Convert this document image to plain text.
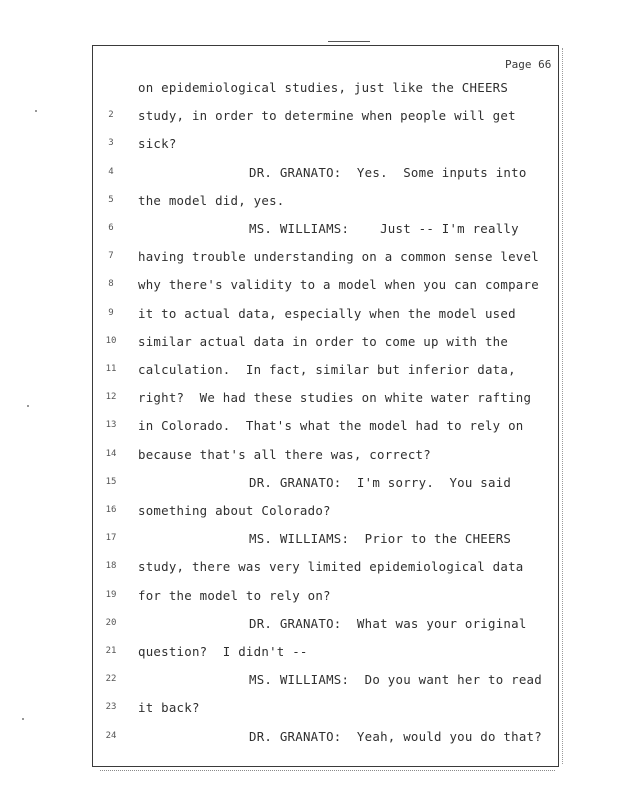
Page 66
on epidemiological studies, just like the CHEERS
2	study, in order to determine when people will get
3	sick?
4	DR. GRANATO:  Yes.  Some inputs into
5	the model did, yes.
6	MS. WILLIAMS:    Just -- I'm really
7	having trouble understanding on a common sense level
8	why there's validity to a model when you can compare
9	it to actual data, especially when the model used
10 similar actual data in order to come up with the
11 calculation.  In fact, similar but inferior data,
12 right?  We had these studies on white water rafting
13 in Colorado.  That's what the model had to rely on
14 because that's all there was, correct?
15	DR. GRANATO:  I'm sorry.  You said
16 something about Colorado?
17	MS. WILLIAMS:  Prior to the CHEERS
18 study, there was very limited epidemiological data
19 for the model to rely on?
20	DR. GRANATO:  What was your original
21 question?  I didn't --
22	MS. WILLIAMS:  Do you want her to read
23 it back?
24	DR. GRANATO:  Yeah, would you do that?
